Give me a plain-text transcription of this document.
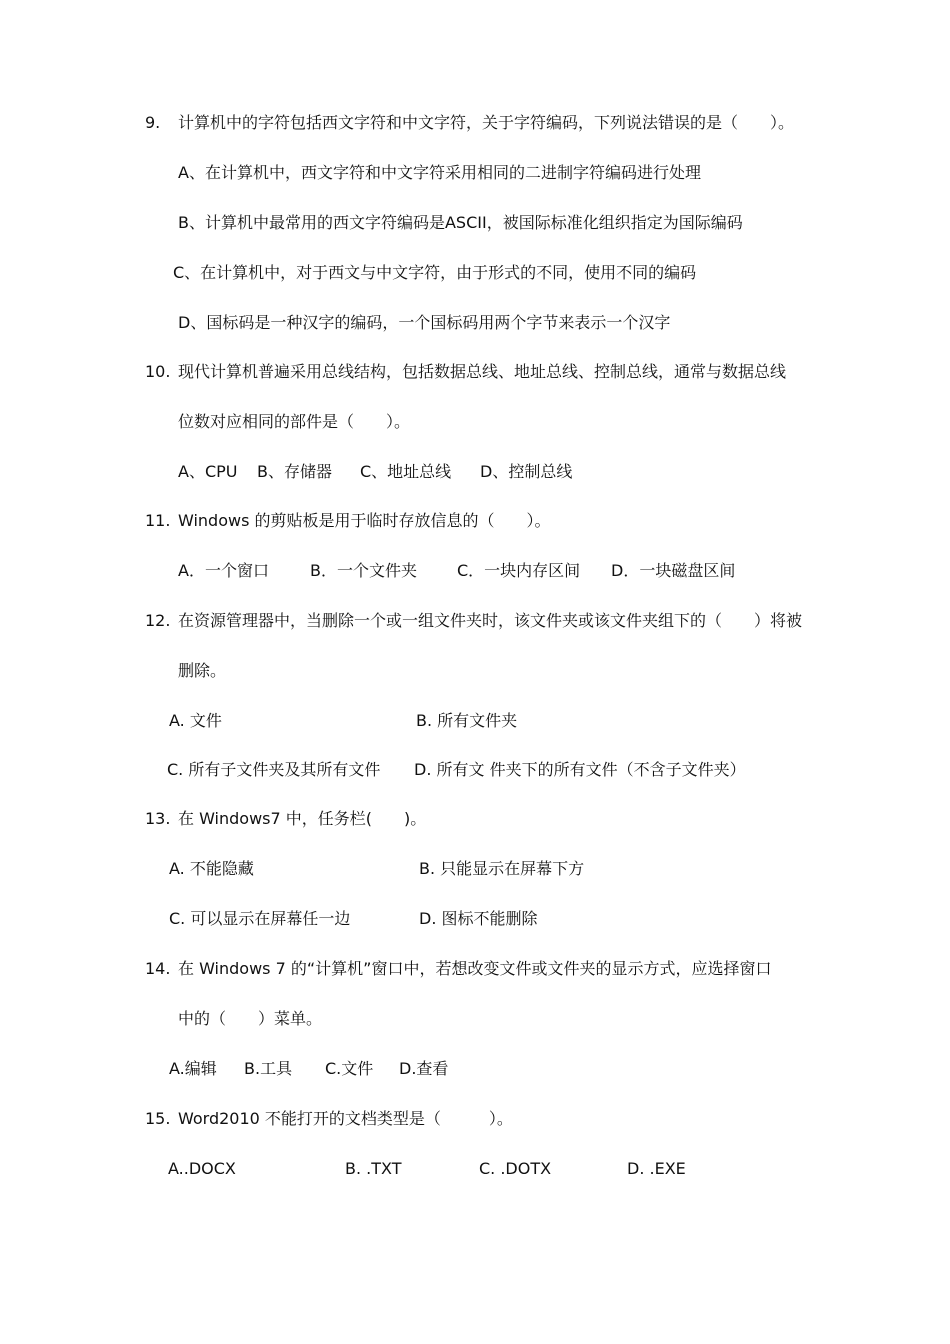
9. 计算机中的字符包括西文字符和中文字符，关于字符编码，下列说法错误的是（　　）。
A、在计算机中，西文字符和中文字符采用相同的二进制字符编码进行处理
B、计算机中最常用的西文字符编码是ASCII，被国际标准化组织指定为国际编码
C、在计算机中，对于西文与中文字符，由于形式的不同，使用不同的编码
D、国标码是一种汉字的编码，一个国标码用两个字节来表示一个汉字
10. 现代计算机普遍采用总线结构，包括数据总线、地址总线、控制总线，通常与数据总线
位数对应相同的部件是（　　）。
A、CPU B、存储器 C、地址总线 D、控制总线
11. Windows 的剪贴板是用于临时存放信息的（　　）。
A．一个窗口	B．一个文件夹	C．一块内存区间 D．一块磁盘区间
12. 在资源管理器中，当删除一个或一组文件夹时，该文件夹或该文件夹组下的（　　）将被
删除。
A. 文件	B. 所有文件夹
C. 所有子文件夹及其所有文件 D. 所有文 件夹下的所有文件（不含子文件夹）
13. 在 Windows7 中，任务栏(　　)。
A. 不能隐藏	B. 只能显示在屏幕下方
C. 可以显示在屏幕任一边	D. 图标不能删除
14. 在 Windows 7 的“计算机”窗口中，若想改变文件或文件夹的显示方式，应选择窗口
中的（　　）菜单。
A.编辑 B.工具 C.文件 D.查看
15. Word2010 不能打开的文档类型是（　　　）。
A..DOCX	B. .TXT	C. .DOTX	D. .EXE
